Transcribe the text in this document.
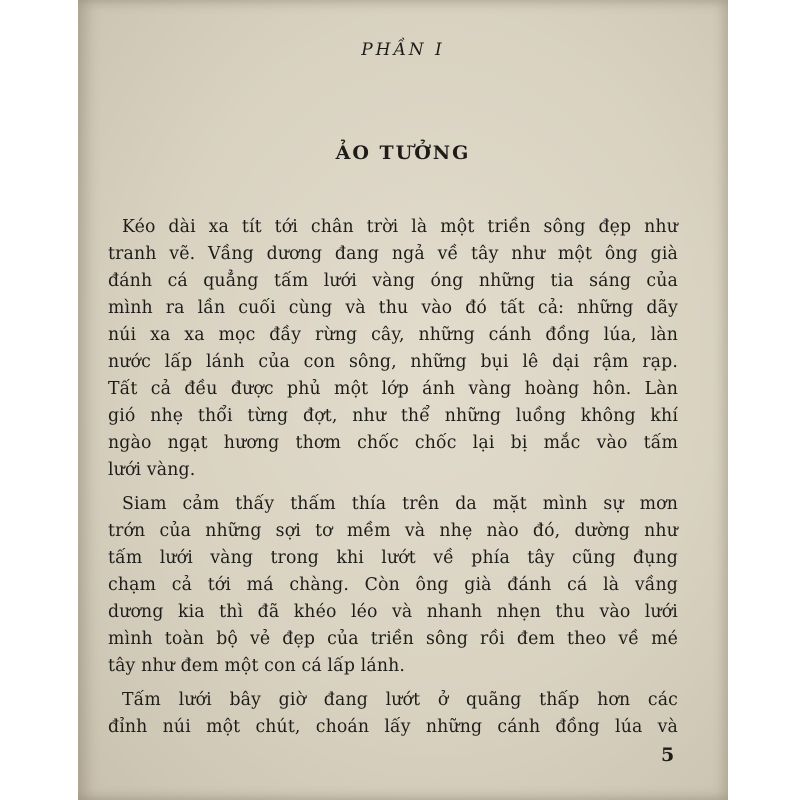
PHẦN I
ẢO TƯỞNG
Kéo dài xa tít tới chân trời là một triền sông đẹp như
tranh vẽ. Vầng dương đang ngả về tây như một ông già
đánh cá quẳng tấm lưới vàng óng những tia sáng của
mình ra lần cuối cùng và thu vào đó tất cả: những dãy
núi xa xa mọc đầy rừng cây, những cánh đồng lúa, làn
nước lấp lánh của con sông, những bụi lê dại rậm rạp.
Tất cả đều được phủ một lớp ánh vàng hoàng hôn. Làn
gió nhẹ thổi từng đợt, như thể những luồng không khí
ngào ngạt hương thơm chốc chốc lại bị mắc vào tấm
lưới vàng.
Siam cảm thấy thấm thía trên da mặt mình sự mơn
trớn của những sợi tơ mềm và nhẹ nào đó, dường như
tấm lưới vàng trong khi lướt về phía tây cũng đụng
chạm cả tới má chàng. Còn ông già đánh cá là vầng
dương kia thì đã khéo léo và nhanh nhẹn thu vào lưới
mình toàn bộ vẻ đẹp của triền sông rồi đem theo về mé
tây như đem một con cá lấp lánh.
Tấm lưới bây giờ đang lướt ở quãng thấp hơn các
đỉnh núi một chút, choán lấy những cánh đồng lúa và
5
